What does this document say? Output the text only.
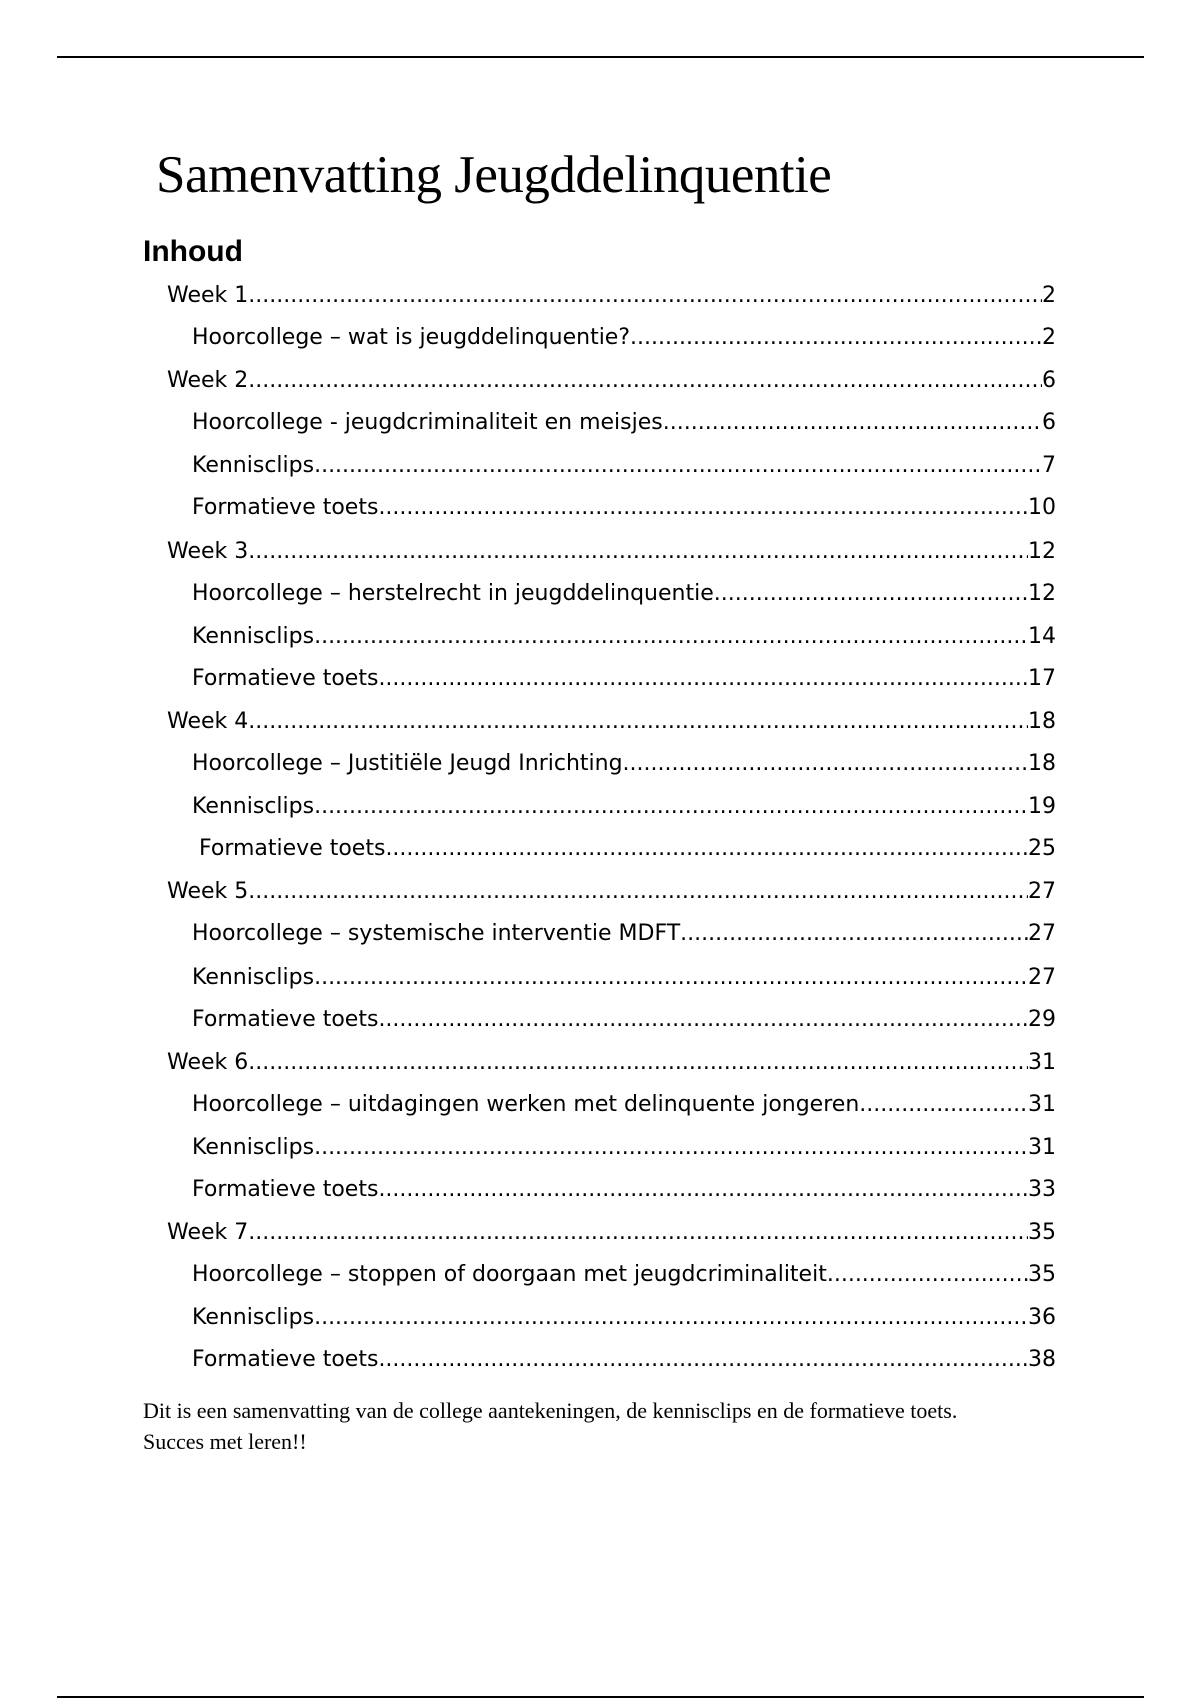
Samenvatting Jeugddelinquentie
Inhoud
Week 1 .....	2
Hoorcollege – wat is jeugddelinquentie? .....	2
Week 2 .....	6
Hoorcollege - jeugdcriminaliteit en meisjes .....	6
Kennisclips .....	7
Formatieve toets .....	10
Week 3 .....	12
Hoorcollege – herstelrecht in jeugddelinquentie .....	12
Kennisclips .....	14
Formatieve toets .....	17
Week 4 .....	18
Hoorcollege – Justitiële Jeugd Inrichting .....	18
Kennisclips .....	19
Formatieve toets .....	25
Week 5 .....	27
Hoorcollege – systemische interventie MDFT .....	27
Kennisclips .....	27
Formatieve toets .....	29
Week 6 .....	31
Hoorcollege – uitdagingen werken met delinquente jongeren .....	31
Kennisclips .....	31
Formatieve toets .....	33
Week 7 .....	35
Hoorcollege – stoppen of doorgaan met jeugdcriminaliteit .....	35
Kennisclips .....	36
Formatieve toets .....	38

Dit is een samenvatting van de college aantekeningen, de kennisclips en de formatieve toets.
Succes met leren!!
